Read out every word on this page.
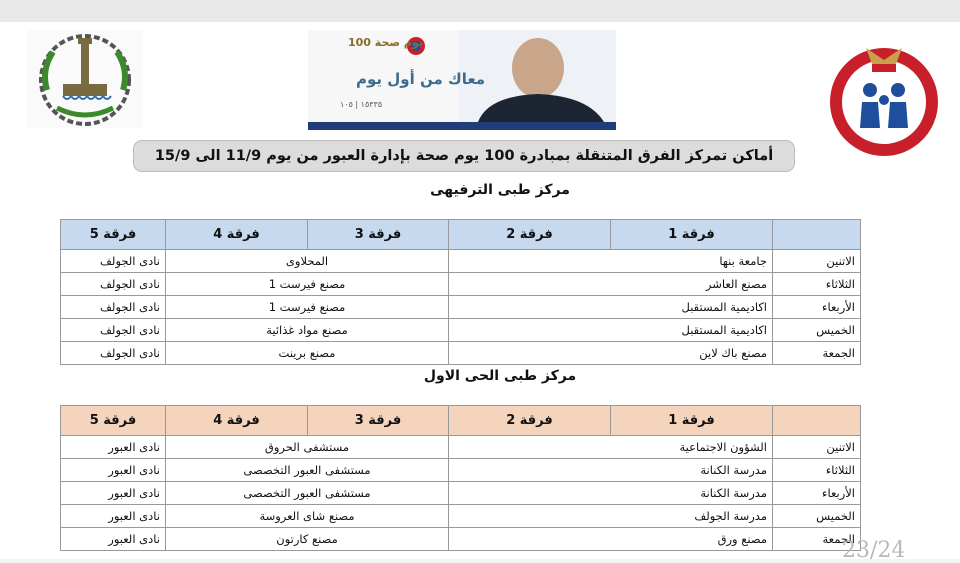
100 يوم صحة
معاك من أول يوم
١٥٣٣٥ | ١٠٥
أماكن تمركز الفرق المتنقلة بمبادرة 100 يوم صحة بإدارة العبور من يوم 11/9 الى 15/9
مركز طبى الترفيهى
	فرقة 1	فرقة 2	فرقة 3	فرقة 4	فرقة 5
الاتنين	جامعة بنها		المحلاوى		نادى الجولف
الثلاثاء	مصنع العاشر		مصنع فيرست 1		نادى الجولف
الأربعاء	اكاديمية المستقبل		مصنع فيرست 1		نادى الجولف
الخميس	اكاديمية المستقبل		مصنع مواد غذائية		نادى الجولف
الجمعة	مصنع باك لاين		مصنع برينت		نادى الجولف
مركز طبى الحى الاول
	فرقة 1	فرقة 2	فرقة 3	فرقة 4	فرقة 5
الاتنين	الشؤون الاجتماعية		مستشفى الحروق		نادى العبور
الثلاثاء	مدرسة الكنانة		مستشفى العبور التخصصى		نادى العبور
الأربعاء	مدرسة الكنانة		مستشفى العبور التخصصى		نادى العبور
الخميس	مدرسة الجولف		مصنع شاى العروسة		نادى العبور
الجمعة	مصنع ورق		مصنع كارتون		نادى العبور	23/24
